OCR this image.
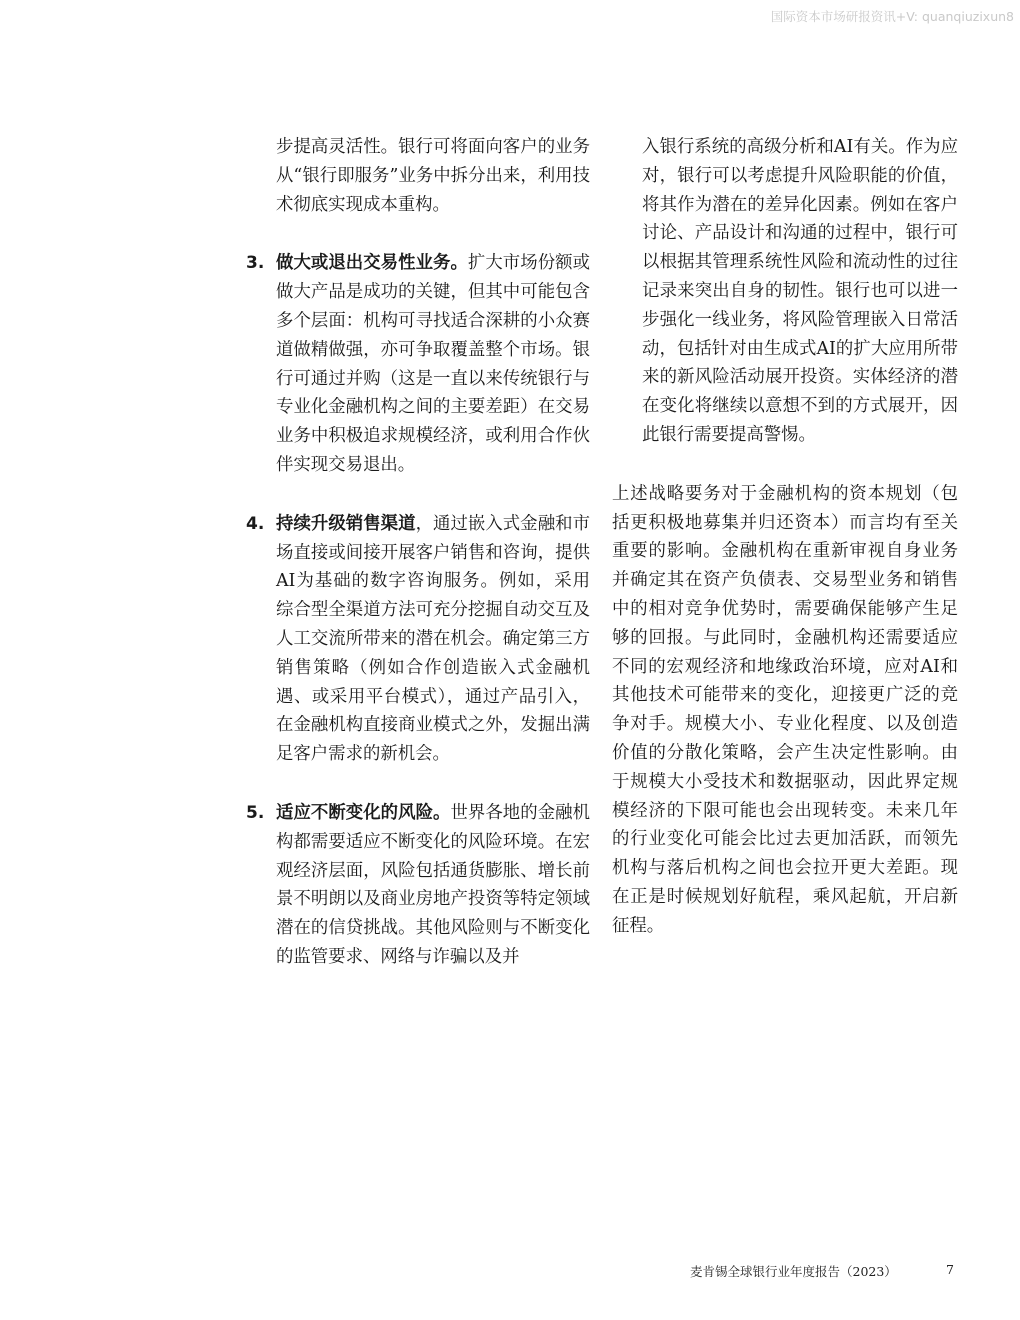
国际资本市场研报资讯+V: quanqiuzixun8

步提高灵活性。银行可将面向客户的业务从“银行即服务”业务中拆分出来，利用技术彻底实现成本重构。

3. 做大或退出交易性业务。扩大市场份额或做大产品是成功的关键，但其中可能包含多个层面：机构可寻找适合深耕的小众赛道做精做强，亦可争取覆盖整个市场。银行可通过并购（这是一直以来传统银行与专业化金融机构之间的主要差距）在交易业务中积极追求规模经济，或利用合作伙伴实现交易退出。

4. 持续升级销售渠道，通过嵌入式金融和市场直接或间接开展客户销售和咨询，提供AI为基础的数字咨询服务。例如，采用综合型全渠道方法可充分挖掘自动交互及人工交流所带来的潜在机会。确定第三方销售策略（例如合作创造嵌入式金融机遇、或采用平台模式），通过产品引入，在金融机构直接商业模式之外，发掘出满足客户需求的新机会。

5. 适应不断变化的风险。世界各地的金融机构都需要适应不断变化的风险环境。在宏观经济层面，风险包括通货膨胀、增长前景不明朗以及商业房地产投资等特定领域潜在的信贷挑战。其他风险则与不断变化的监管要求、网络与诈骗以及并

入银行系统的高级分析和AI有关。作为应对，银行可以考虑提升风险职能的价值，将其作为潜在的差异化因素。例如在客户讨论、产品设计和沟通的过程中，银行可以根据其管理系统性风险和流动性的过往记录来突出自身的韧性。银行也可以进一步强化一线业务，将风险管理嵌入日常活动，包括针对由生成式AI的扩大应用所带来的新风险活动展开投资。实体经济的潜在变化将继续以意想不到的方式展开，因此银行需要提高警惕。

上述战略要务对于金融机构的资本规划（包括更积极地募集并归还资本）而言均有至关重要的影响。金融机构在重新审视自身业务并确定其在资产负债表、交易型业务和销售中的相对竞争优势时，需要确保能够产生足够的回报。与此同时，金融机构还需要适应不同的宏观经济和地缘政治环境，应对AI和其他技术可能带来的变化，迎接更广泛的竞争对手。规模大小、专业化程度、以及创造价值的分散化策略，会产生决定性影响。由于规模大小受技术和数据驱动，因此界定规模经济的下限可能也会出现转变。未来几年的行业变化可能会比过去更加活跃，而领先机构与落后机构之间也会拉开更大差距。现在正是时候规划好航程，乘风起航，开启新征程。

麦肯锡全球银行业年度报告（2023）	7
